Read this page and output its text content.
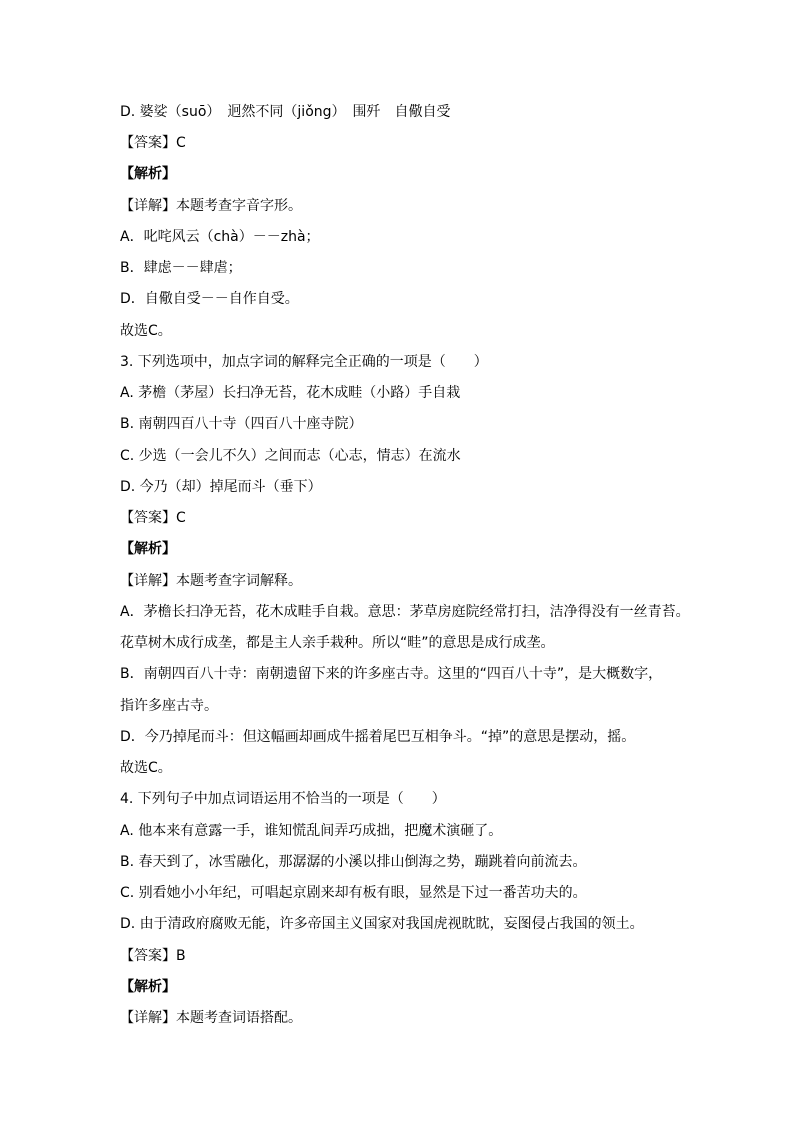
D. 婆娑（suō）　迥然不同（jiǒng）　围歼　自儆自受

【答案】C

【解析】

【详解】本题考查字音字形。

A．叱咤风云（chà）－－zhà；

B．肆虑－－肆虐；

D．自儆自受－－自作自受。

故选C。

3. 下列选项中，加点字词的解释完全正确的一项是（　　）

A. 茅檐（茅屋）长扫净无苔，花木成畦（小路）手自栽

B. 南朝四百八十寺（四百八十座寺院）

C. 少选（一会儿不久）之间而志（心志，情志）在流水

D. 今乃（却）掉尾而斗（垂下）

【答案】C

【解析】

【详解】本题考查字词解释。

A．茅檐长扫净无苔，花木成畦手自栽。意思：茅草房庭院经常打扫，洁净得没有一丝青苔。

花草树木成行成垄，都是主人亲手栽种。所以“畦”的意思是成行成垄。

B．南朝四百八十寺：南朝遗留下来的许多座古寺。这里的“四百八十寺”，是大概数字，

指许多座古寺。

D．今乃掉尾而斗：但这幅画却画成牛摇着尾巴互相争斗。“掉”的意思是摆动，摇。

故选C。

4. 下列句子中加点词语运用不恰当的一项是（　　）

A. 他本来有意露一手，谁知慌乱间弄巧成拙，把魔术演砸了。

B. 春天到了，冰雪融化，那潺潺的小溪以排山倒海之势，蹦跳着向前流去。

C. 别看她小小年纪，可唱起京剧来却有板有眼，显然是下过一番苦功夫的。

D. 由于清政府腐败无能，许多帝国主义国家对我国虎视眈眈，妄图侵占我国的领土。

【答案】B

【解析】

【详解】本题考查词语搭配。
